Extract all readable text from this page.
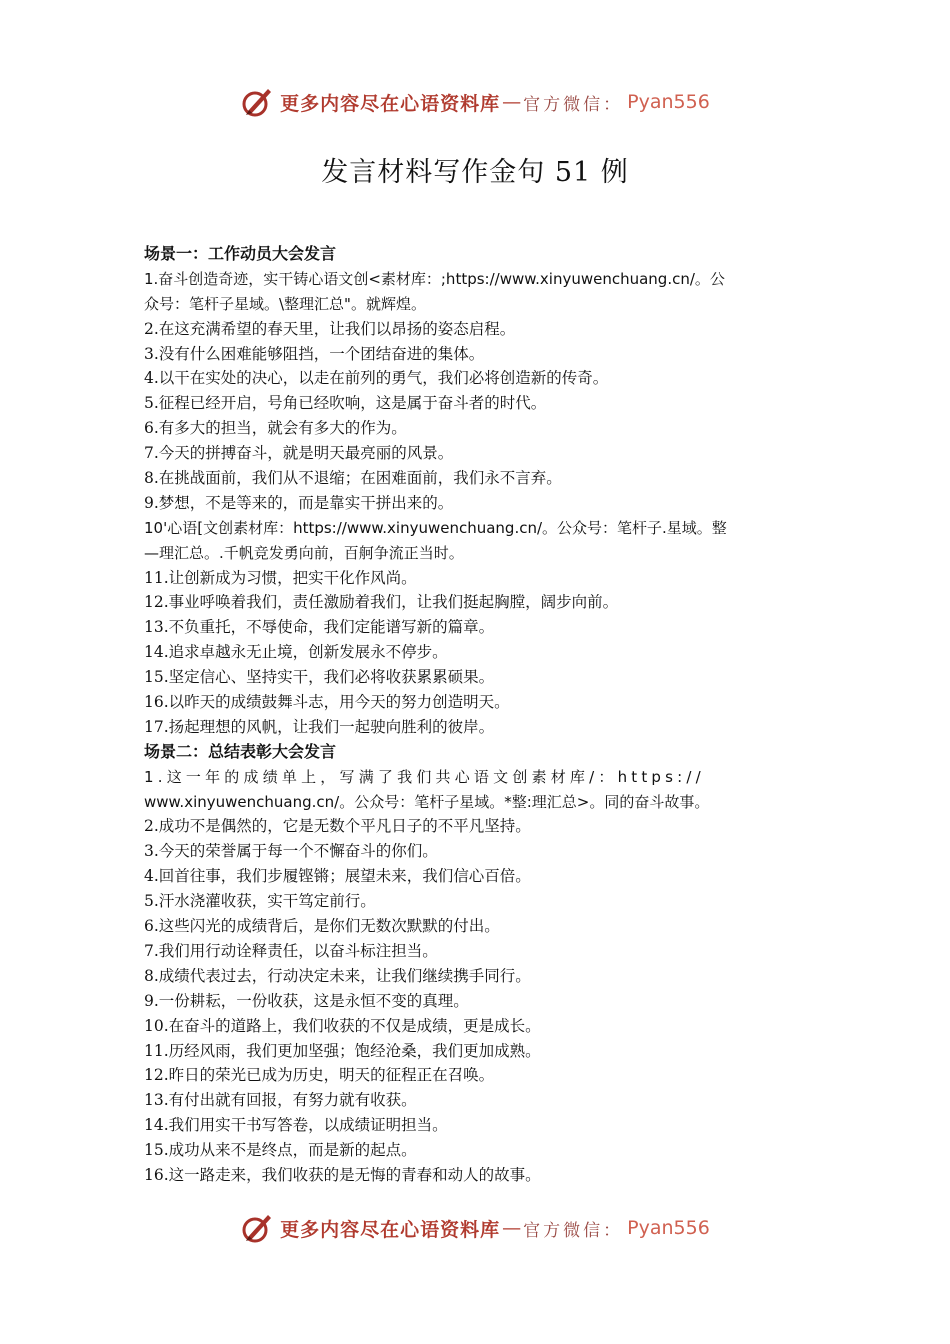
更多内容尽在心语资料库 — 官方微信： Pyan556
发言材料写作金句 51 例
场景一：工作动员大会发言
1.奋斗创造奇迹，实干铸心语文创<素材库：;https://www.xinyuwenchuang.cn/。公
众号：笔杆子星域。\整理汇总"。就辉煌。
2.在这充满希望的春天里，让我们以昂扬的姿态启程。
3.没有什么困难能够阻挡，一个团结奋进的集体。
4.以干在实处的决心，以走在前列的勇气，我们必将创造新的传奇。
5.征程已经开启，号角已经吹响，这是属于奋斗者的时代。
6.有多大的担当，就会有多大的作为。
7.今天的拼搏奋斗，就是明天最亮丽的风景。
8.在挑战面前，我们从不退缩；在困难面前，我们永不言弃。
9.梦想，不是等来的，而是靠实干拼出来的。
10'心语[文创素材库：https://www.xinyuwenchuang.cn/。公众号：笔杆子.星域。整
—理汇总。.千帆竞发勇向前，百舸争流正当时。
11.让创新成为习惯，把实干化作风尚。
12.事业呼唤着我们，责任激励着我们，让我们挺起胸膛，阔步向前。
13.不负重托，不辱使命，我们定能谱写新的篇章。
14.追求卓越永无止境，创新发展永不停步。
15.坚定信心、坚持实干，我们必将收获累累硕果。
16.以昨天的成绩鼓舞斗志，用今天的努力创造明天。
17.扬起理想的风帆，让我们一起驶向胜利的彼岸。
场景二：总结表彰大会发言
1.这一年的成绩单上，写满了我们共心语文创素材库/：https://
www.xinyuwenchuang.cn/。公众号：笔杆子星域。*整:理汇总>。同的奋斗故事。
2.成功不是偶然的，它是无数个平凡日子的不平凡坚持。
3.今天的荣誉属于每一个不懈奋斗的你们。
4.回首往事，我们步履铿锵；展望未来，我们信心百倍。
5.汗水浇灌收获，实干笃定前行。
6.这些闪光的成绩背后，是你们无数次默默的付出。
7.我们用行动诠释责任，以奋斗标注担当。
8.成绩代表过去，行动决定未来，让我们继续携手同行。
9.一份耕耘，一份收获，这是永恒不变的真理。
10.在奋斗的道路上，我们收获的不仅是成绩，更是成长。
11.历经风雨，我们更加坚强；饱经沧桑，我们更加成熟。
12.昨日的荣光已成为历史，明天的征程正在召唤。
13.有付出就有回报，有努力就有收获。
14.我们用实干书写答卷，以成绩证明担当。
15.成功从来不是终点，而是新的起点。
16.这一路走来，我们收获的是无悔的青春和动人的故事。
更多内容尽在心语资料库 — 官方微信： Pyan556
